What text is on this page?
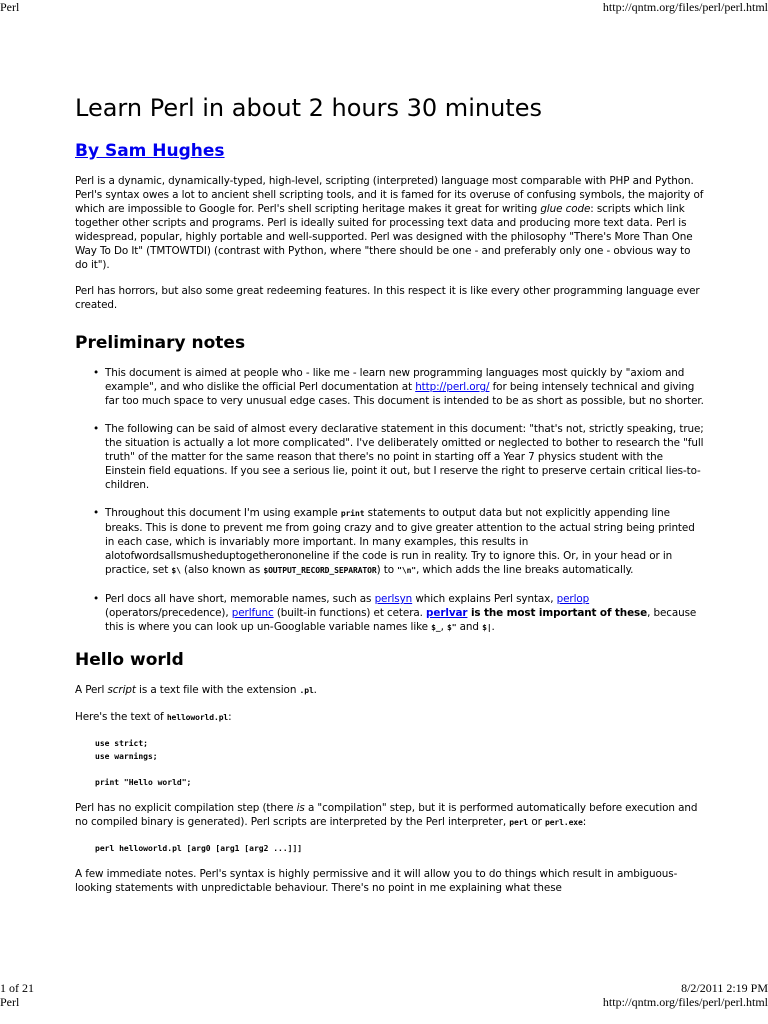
Perl	http://qntm.org/files/perl/perl.html
Learn Perl in about 2 hours 30 minutes
By Sam Hughes

Perl is a dynamic, dynamically-typed, high-level, scripting (interpreted) language most comparable with PHP and Python. Perl's syntax owes a lot to ancient shell scripting tools, and it is famed for its overuse of confusing symbols, the majority of which are impossible to Google for. Perl's shell scripting heritage makes it great for writing glue code: scripts which link together other scripts and programs. Perl is ideally suited for processing text data and producing more text data. Perl is widespread, popular, highly portable and well-supported. Perl was designed with the philosophy "There's More Than One Way To Do It" (TMTOWTDI) (contrast with Python, where "there should be one - and preferably only one - obvious way to do it").

Perl has horrors, but also some great redeeming features. In this respect it is like every other programming language ever created.

Preliminary notes
• This document is aimed at people who - like me - learn new programming languages most quickly by "axiom and example", and who dislike the official Perl documentation at http://perl.org/ for being intensely technical and giving far too much space to very unusual edge cases. This document is intended to be as short as possible, but no shorter.
• The following can be said of almost every declarative statement in this document: "that's not, strictly speaking, true; the situation is actually a lot more complicated". I've deliberately omitted or neglected to bother to research the "full truth" of the matter for the same reason that there's no point in starting off a Year 7 physics student with the Einstein field equations. If you see a serious lie, point it out, but I reserve the right to preserve certain critical lies-to-children.
• Throughout this document I'm using example print statements to output data but not explicitly appending line breaks. This is done to prevent me from going crazy and to give greater attention to the actual string being printed in each case, which is invariably more important. In many examples, this results in alotofwordsallsmusheduptogetherononeline if the code is run in reality. Try to ignore this. Or, in your head or in practice, set $\ (also known as $OUTPUT_RECORD_SEPARATOR) to "\n", which adds the line breaks automatically.
• Perl docs all have short, memorable names, such as perlsyn which explains Perl syntax, perlop (operators/precedence), perlfunc (built-in functions) et cetera. perlvar is the most important of these, because this is where you can look up un-Googlable variable names like $_, $" and $|.
Hello world

A Perl script is a text file with the extension .pl.

Here's the text of helloworld.pl:

use strict;
use warnings;

print "Hello world";

Perl has no explicit compilation step (there is a "compilation" step, but it is performed automatically before execution and no compiled binary is generated). Perl scripts are interpreted by the Perl interpreter, perl or perl.exe:

perl helloworld.pl [arg0 [arg1 [arg2 ...]]]

A few immediate notes. Perl's syntax is highly permissive and it will allow you to do things which result in ambiguous-looking statements with unpredictable behaviour. There's no point in me explaining what these

1 of 21	8/2/2011 2:19 PM
Perl	http://qntm.org/files/perl/perl.html
